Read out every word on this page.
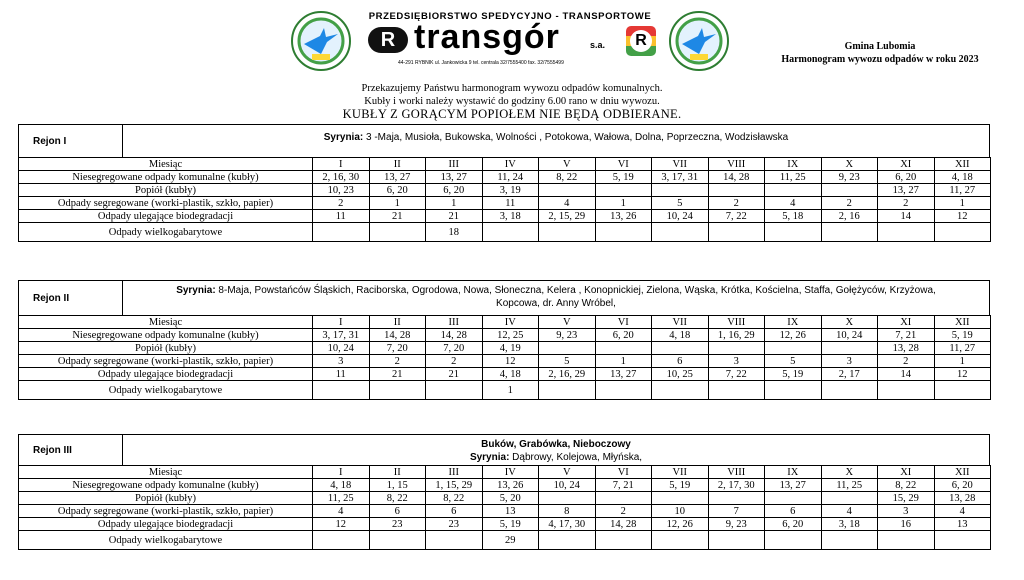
PRZEDSIĘBIORSTWO SPEDYCYJNO - TRANSPORTOWE
R transgór	s.a.	R
44-291 RYBNIK ul. Jankowicka 9 tel. centrala 32/7555400 fax. 32/7555499
Gmina Lubomia
Harmonogram wywozu odpadów w roku 2023
Przekazujemy Państwu harmonogram wywozu odpadów komunalnych.
Kubły i worki należy wystawić do godziny 6.00 rano w dniu wywozu.
KUBŁY Z GORĄCYM POPIOŁEM NIE BĘDĄ ODBIERANE.
Rejon I	Syrynia: 3 -Maja, Musioła, Bukowska, Wolności , Potokowa, Wałowa, Dolna, Poprzeczna, Wodzisławska
Miesiąc	I	II	III	IV	V	VI	VII	VIII	IX	X	XI	XII
Niesegregowane odpady komunalne (kubły)	2, 16, 30	13, 27	13, 27	11, 24	8, 22	5, 19	3, 17, 31	14, 28	11, 25	9, 23	6, 20	4, 18
Popiół (kubły)	10, 23	6, 20	6, 20	3, 19							13, 27	11, 27
Odpady segregowane (worki-plastik, szkło, papier)	2	1	1	11	4	1	5	2	4	2	2	1
Odpady ulegające biodegradacji	11	21	21	3, 18	2, 15, 29	13, 26	10, 24	7, 22	5, 18	2, 16	14	12
Odpady wielkogabarytowe			18									
Rejon II
Syrynia: 8-Maja, Powstańców Śląskich, Raciborska, Ogrodowa, Nowa, Słoneczna, Kelera , Konopnickiej, Zielona, Wąska, Krótka, Kościelna, Staffa, Gołężyców, Krzyżowa,
Kopcowa, dr. Anny Wróbel,
Miesiąc	I	II	III	IV	V	VI	VII	VIII	IX	X	XI	XII
Niesegregowane odpady komunalne (kubły)	3, 17, 31	14, 28	14, 28	12, 25	9, 23	6, 20	4, 18	1, 16, 29	12, 26	10, 24	7, 21	5, 19
Popiół (kubły)	10, 24	7, 20	7, 20	4, 19							13, 28	11, 27
Odpady segregowane (worki-plastik, szkło, papier)	3	2	2	12	5	1	6	3	5	3	2	1
Odpady ulegające biodegradacji	11	21	21	4, 18	2, 16, 29	13, 27	10, 25	7, 22	5, 19	2, 17	14	12
Odpady wielkogabarytowe				1								
Rejon III	Buków, Grabówka, Nieboczowy
Syrynia: Dąbrowy, Kolejowa, Młyńska,
Miesiąc	I	II	III	IV	V	VI	VII	VIII	IX	X	XI	XII
Niesegregowane odpady komunalne (kubły)	4, 18	1, 15	1, 15, 29	13, 26	10, 24	7, 21	5, 19	2, 17, 30	13, 27	11, 25	8, 22	6, 20
Popiół (kubły)	11, 25	8, 22	8, 22	5, 20							15, 29	13, 28
Odpady segregowane (worki-plastik, szkło, papier)	4	6	6	13	8	2	10	7	6	4	3	4
Odpady ulegające biodegradacji	12	23	23	5, 19	4, 17, 30	14, 28	12, 26	9, 23	6, 20	3, 18	16	13
Odpady wielkogabarytowe				29								
